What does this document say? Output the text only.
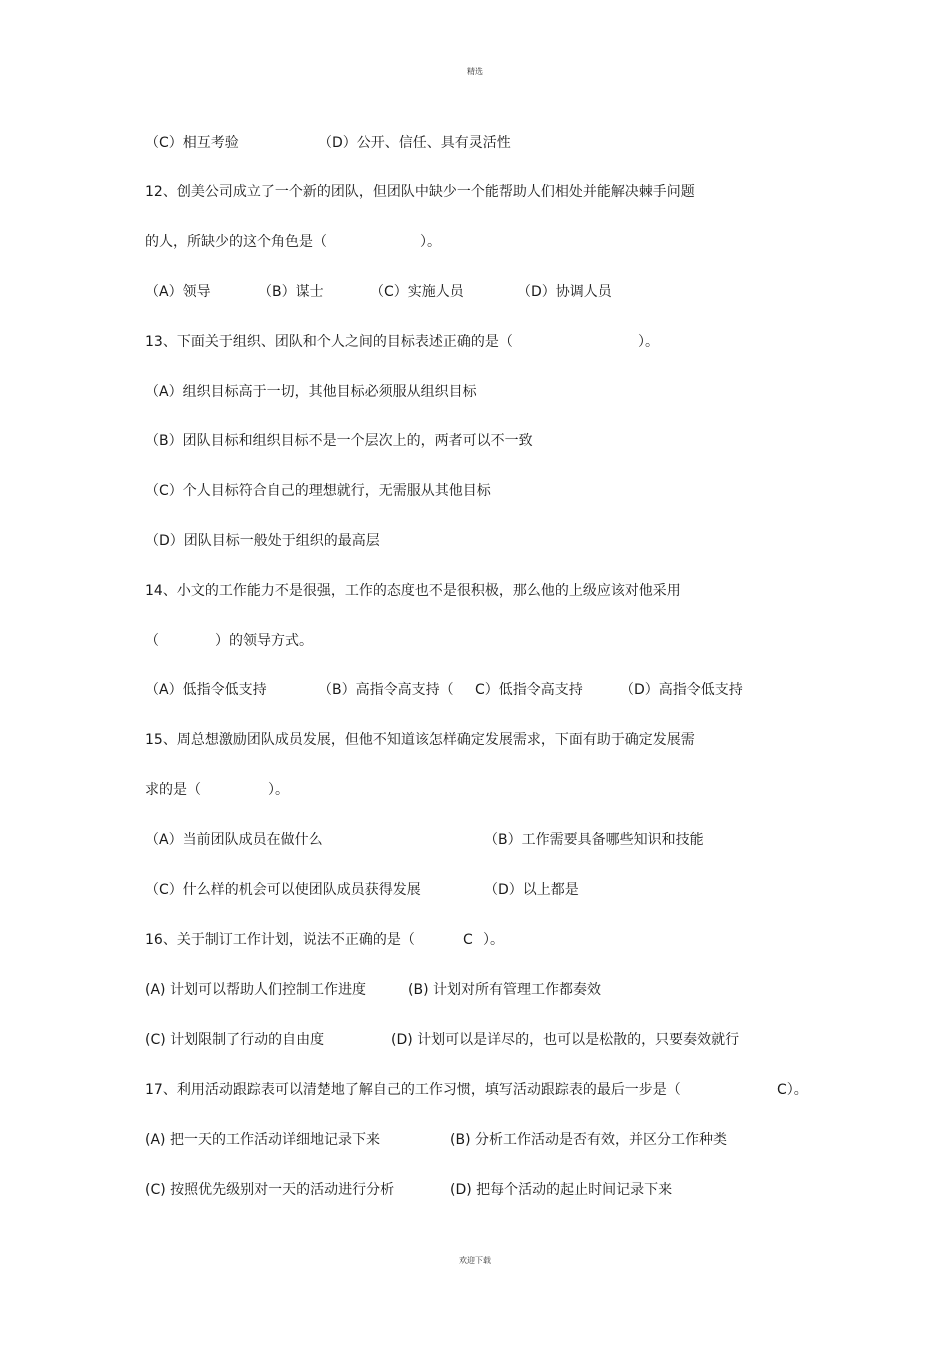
精选
（C）相互考验	（D）公开、信任、具有灵活性
12、创美公司成立了一个新的团队，但团队中缺少一个能帮助人们相处并能解决棘手问题
的人，所缺少的这个角色是（	）。
（A）领导	（B）谋士	（C）实施人员	（D）协调人员
13、下面关于组织、团队和个人之间的目标表述正确的是（	）。
（A）组织目标高于一切，其他目标必须服从组织目标
（B）团队目标和组织目标不是一个层次上的，两者可以不一致
（C）个人目标符合自己的理想就行，无需服从其他目标
（D）团队目标一般处于组织的最高层
14、小文的工作能力不是很强，工作的态度也不是很积极，那么他的上级应该对他采用
（	）的领导方式。
（A）低指令低支持	（B）高指令高支持（ C）低指令高支持	（D）高指令低支持
15、周总想激励团队成员发展，但他不知道该怎样确定发展需求，下面有助于确定发展需
求的是（	）。
（A）当前团队成员在做什么	（B）工作需要具备哪些知识和技能
（C）什么样的机会可以使团队成员获得发展	（D）以上都是
16、关于制订工作计划，说法不正确的是（	C ）。
(A) 计划可以帮助人们控制工作进度	(B) 计划对所有管理工作都奏效
(C) 计划限制了行动的自由度	(D) 计划可以是详尽的，也可以是松散的，只要奏效就行
17、利用活动跟踪表可以清楚地了解自己的工作习惯，填写活动跟踪表的最后一步是（	C）。
(A) 把一天的工作活动详细地记录下来	(B) 分析工作活动是否有效，并区分工作种类
(C) 按照优先级别对一天的活动进行分析	(D) 把每个活动的起止时间记录下来
欢迎下载
